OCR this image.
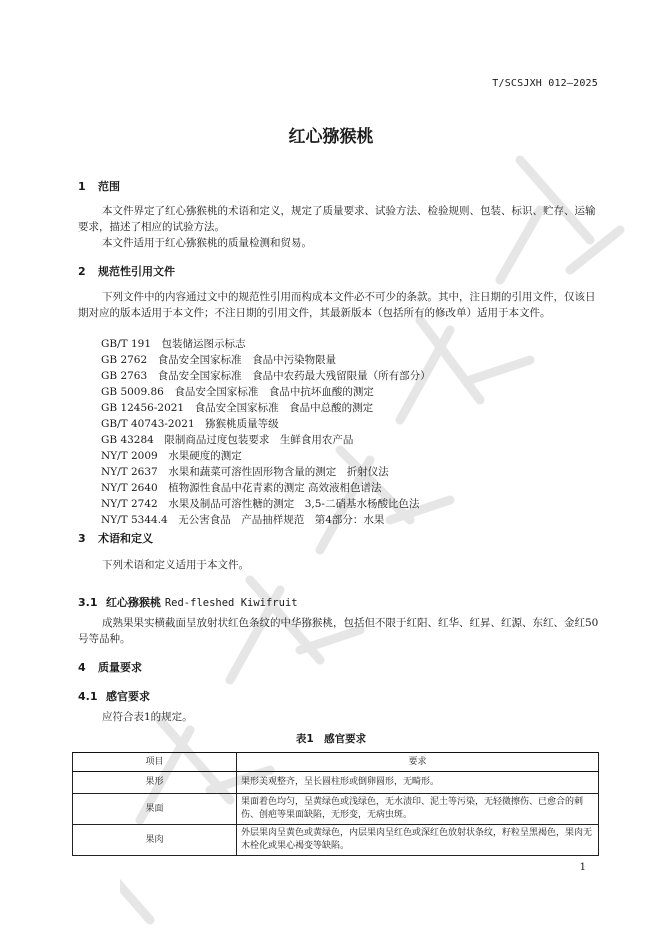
T/SCSJXH 012—2025
红心猕猴桃
1 范围
本文件界定了红心猕猴桃的术语和定义，规定了质量要求、试验方法、检验规则、包装、标识、贮存、运输要求，描述了相应的试验方法。
本文件适用于红心猕猴桃的质量检测和贸易。
2 规范性引用文件
下列文件中的内容通过文中的规范性引用而构成本文件必不可少的条款。其中，注日期的引用文件，仅该日期对应的版本适用于本文件；不注日期的引用文件，其最新版本（包括所有的修改单）适用于本文件。
GB/T 191　包装储运图示标志
GB 2762　食品安全国家标准　食品中污染物限量
GB 2763　食品安全国家标准　食品中农药最大残留限量（所有部分）
GB 5009.86　食品安全国家标准　食品中抗坏血酸的测定
GB 12456-2021　食品安全国家标准　食品中总酸的测定
GB/T 40743-2021　猕猴桃质量等级
GB 43284　限制商品过度包装要求　生鲜食用农产品
NY/T 2009　水果硬度的测定
NY/T 2637　水果和蔬菜可溶性固形物含量的测定　折射仪法
NY/T 2640　植物源性食品中花青素的测定 高效液相色谱法
NY/T 2742　水果及制品可溶性糖的测定　3,5-二硝基水杨酸比色法
NY/T 5344.4　无公害食品　产品抽样规范　第4部分：水果
3 术语和定义
下列术语和定义适用于本文件。
3.1 红心猕猴桃 Red-fleshed Kiwifruit
成熟果果实横截面呈放射状红色条纹的中华猕猴桃，包括但不限于红阳、红华、红昇、红源、东红、金红50号等品种。
4 质量要求
4.1 感官要求
应符合表1的规定。
表1　感官要求
项目	要求
果形	果形美观整齐，呈长圆柱形或倒卵圆形，无畸形。
果面	果面着色均匀，呈黄绿色或浅绿色，无水渍印、泥土等污染，无轻微擦伤、已愈合的刺伤、创疤等果面缺陷，无形变，无病虫斑。
果肉	外层果肉呈黄色或黄绿色，内层果肉呈红色或深红色放射状条纹，籽粒呈黑褐色，果肉无木栓化或果心褐变等缺陷。
1
